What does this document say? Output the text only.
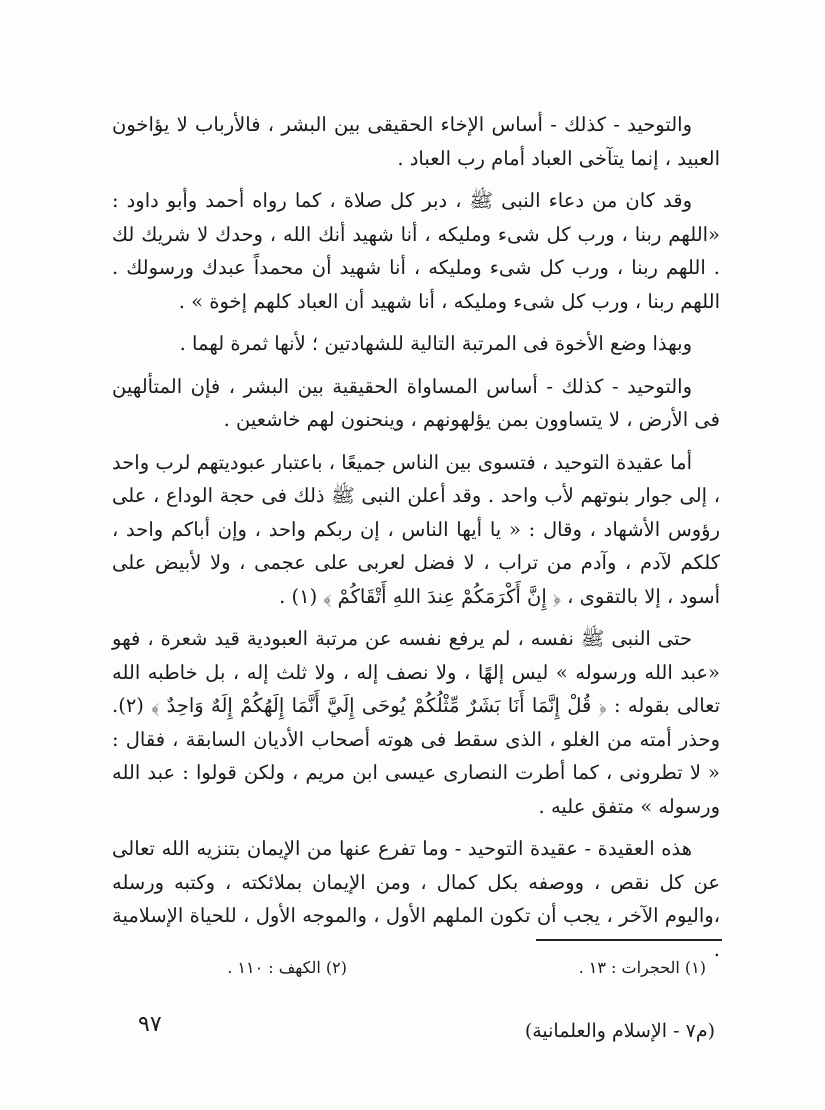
والتوحيد - كذلك - أساس الإخاء الحقيقى بين البشر ، فالأرباب لا يؤاخون العبيد ، إنما يتآخى العباد أمام رب العباد .

وقد كان من دعاء النبى ﷺ ، دبر كل صلاة ، كما رواه أحمد وأبو داود : «اللهم ربنا ، ورب كل شىء ومليكه ، أنا شهيد أنك الله ، وحدك لا شريك لك . اللهم ربنا ، ورب كل شىء ومليكه ، أنا شهيد أن محمداً عبدك ورسولك . اللهم ربنا ، ورب كل شىء ومليكه ، أنا شهيد أن العباد كلهم إخوة » .

وبهذا وضع الأخوة فى المرتبة التالية للشهادتين ؛ لأنها ثمرة لهما .

والتوحيد - كذلك - أساس المساواة الحقيقية بين البشر ، فإن المتألهين فى الأرض ، لا يتساوون بمن يؤلهونهم ، وينحنون لهم خاشعين .

أما عقيدة التوحيد ، فتسوى بين الناس جميعًا ، باعتبار عبوديتهم لرب واحد ، إلى جوار بنوتهم لأب واحد . وقد أعلن النبى ﷺ ذلك فى حجة الوداع ، على رؤوس الأشهاد ، وقال : « يا أيها الناس ، إن ربكم واحد ، وإن أباكم واحد ، كلكم لآدم ، وآدم من تراب ، لا فضل لعربى على عجمى ، ولا لأبيض على أسود ، إلا بالتقوى ، ﴿ إِنَّ أَكْرَمَكُمْ عِندَ اللهِ أَتْقَاكُمْ ﴾ (١) .

حتى النبى ﷺ نفسه ، لم يرفع نفسه عن مرتبة العبودية قيد شعرة ، فهو «عبد الله ورسوله » ليس إلهًا ، ولا نصف إله ، ولا ثلث إله ، بل خاطبه الله تعالى بقوله : ﴿ قُلْ إِنَّمَا أَنَا بَشَرٌ مِّثْلُكُمْ يُوحَى إِلَيَّ أَنَّمَا إِلَهُكُمْ إِلَهٌ وَاحِدٌ ﴾ (٢). وحذر أمته من الغلو ، الذى سقط فى هوته أصحاب الأديان السابقة ، فقال : « لا تطرونى ، كما أطرت النصارى عيسى ابن مريم ، ولكن قولوا : عبد الله ورسوله » متفق عليه .

هذه العقيدة - عقيدة التوحيد - وما تفرع عنها من الإيمان بتنزيه الله تعالى عن كل نقص ، ووصفه بكل كمال ، ومن الإيمان بملائكته ، وكتبه ورسله ،واليوم الآخر ، يجب أن تكون الملهم الأول ، والموجه الأول ، للحياة الإسلامية .

(١) الحجرات : ١٣ .
(٢) الكهف : ١١٠ .
٩٧	(م٧ - الإسلام والعلمانية)
